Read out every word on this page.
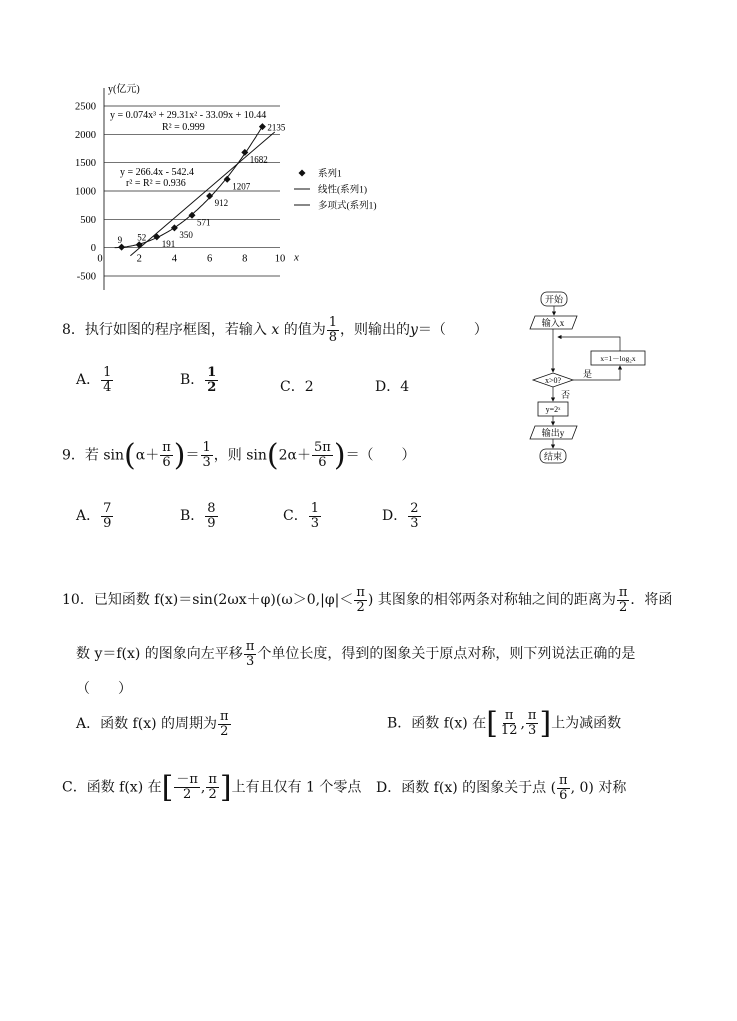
2500
2000
1500
1000
500
0
-500
0	2	4	6	8	10 x
y(亿元)
9 52
191
350
571
912
1207
1682
2135
y = 0.074x³ + 29.31x² - 33.09x + 10.44
R² = 0.999
y = 266.4x - 542.4
r² = R² = 0.936
系列1
线性(系列1)
多项式(系列1)
开始
输入x
x=1－log₂x
x>0?
是
否
y=2ˣ
输出y
结束
8．执行如图的程序框图，若输入 x 的值为 $\frac{1}{8}$ ，则输出的y＝（　　）
A． $\frac{1}{4}$	B． $\frac{1}{2}$	C．2	D．4
9．若 $\sin(\alpha+ \frac{\pi}{6}$ )＝ $\frac{1}{3}$ ，则 $\sin(2\alpha+ \frac{5\pi}{6}$ )＝（　　）
A． $\frac{7}{9}$	B． $\frac{8}{9}$	C． $\frac{1}{3}$	D． $\frac{2}{3}$
10．已知函数 $f(x)=\sin(2\omega x+\varphi)(\omega>0,|\varphi|< \frac{\pi}{2}$ ) 其图象的相邻两条对称轴之间的距离为 $\frac{\pi}{2}$ ．将函
数 y＝f(x) 的图象向左平移 $\frac{\pi}{3}$ 个单位长度，得到的图象关于原点对称，则下列说法正确的是
（　　）
A．函数 f(x) 的周期为 $\frac{\pi}{2}$	B．函数 f(x) 在[ $\frac{\pi}{12}$ , $\frac{\pi}{3}$ ]上为减函数
C．函数 f(x) 在[ $\frac{-\pi}{2}$ , $\frac{\pi}{2}$ ]上有且仅有 1 个零点 D．函数 f(x) 的图象关于点 ( $\frac{\pi}{6}$ , 0) 对称
